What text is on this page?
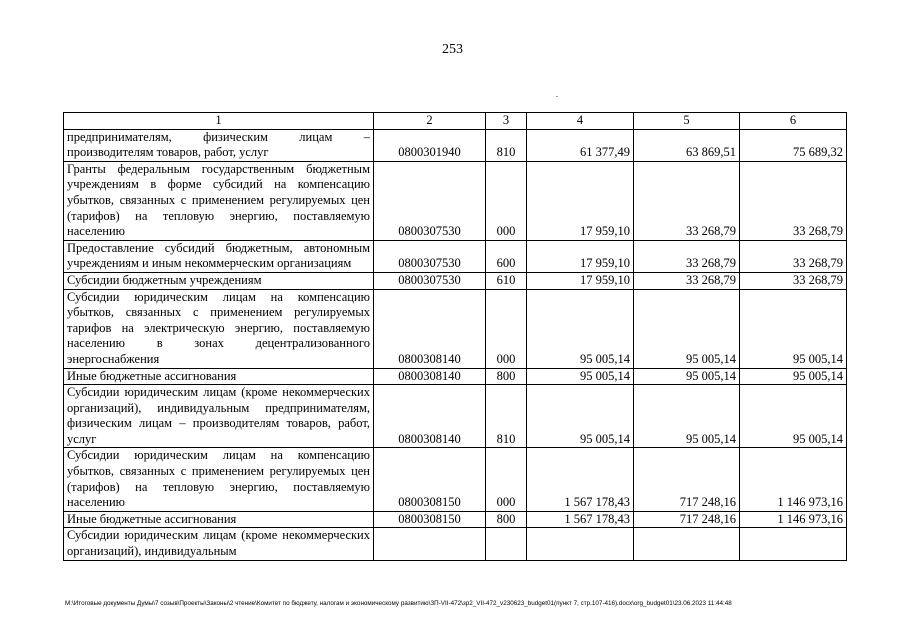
253
1	2	3	4	5	6
предпринимателям, физическим лицам – производителям товаров, работ, услуг	0800301940	810	61 377,49	63 869,51	75 689,32
Гранты федеральным государственным бюджетным учреждениям в форме субсидий на компенсацию убытков, связанных с применением регулируемых цен (тарифов) на тепловую энергию, поставляемую населению	0800307530	000	17 959,10	33 268,79	33 268,79
Предоставление субсидий бюджетным, автономным учреждениям и иным некоммерческим организациям	0800307530	600	17 959,10	33 268,79	33 268,79
Субсидии бюджетным учреждениям	0800307530	610	17 959,10	33 268,79	33 268,79
Субсидии юридическим лицам на компенсацию убытков, связанных с применением регулируемых тарифов на электрическую энергию, поставляемую населению в зонах децентрализованного энергоснабжения	0800308140	000	95 005,14	95 005,14	95 005,14
Иные бюджетные ассигнования	0800308140	800	95 005,14	95 005,14	95 005,14
Субсидии юридическим лицам (кроме некоммерческих организаций), индивидуальным предпринимателям, физическим лицам – производителям товаров, работ, услуг	0800308140	810	95 005,14	95 005,14	95 005,14
Субсидии юридическим лицам на компенсацию убытков, связанных с применением регулируемых цен (тарифов) на тепловую энергию, поставляемую населению	0800308150	000	1 567 178,43	717 248,16	1 146 973,16
Иные бюджетные ассигнования	0800308150	800	1 567 178,43	717 248,16	1 146 973,16
Субсидии юридическим лицам (кроме некоммерческих организаций), индивидуальным					
M:\Итоговые документы Думы\7 созыв\Проекты\Законы\2 чтение\Комитет по бюджету, налогам и экономическому развитию\ЗП-VII-472\зр2_VII-472_v230623_budget01(пункт 7, стр.107-416).docx\org_budget01\23.06.2023 11:44:48
